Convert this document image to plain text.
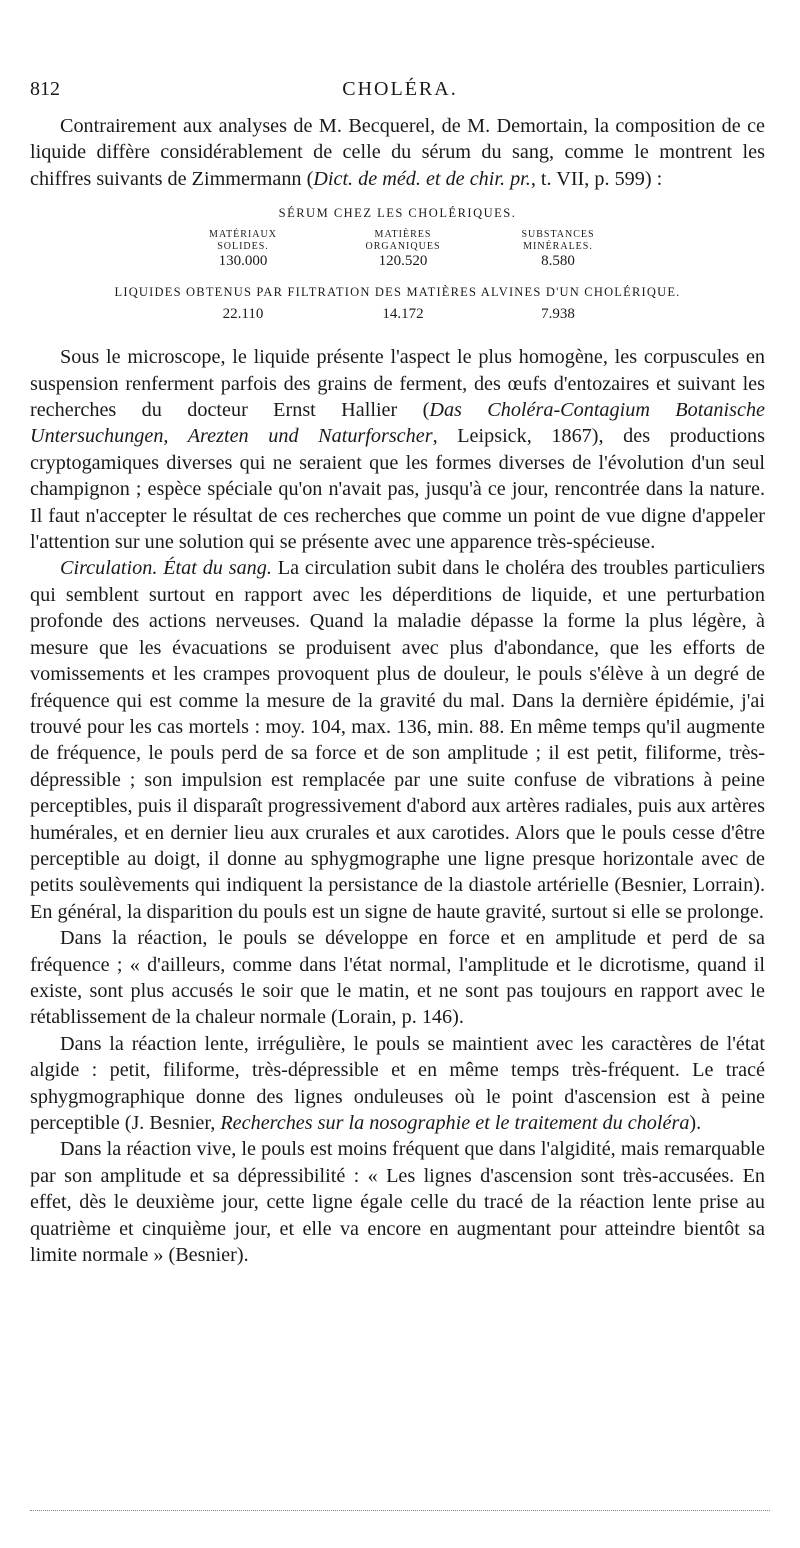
812	CHOLÉRA.

Contrairement aux analyses de M. Becquerel, de M. Demortain, la composition de ce liquide diffère considérablement de celle du sérum du sang, comme le montrent les chiffres suivants de Zimmermann (Dict. de méd. et de chir. pr., t. VII, p. 599) :

SÉRUM CHEZ LES CHOLÉRIQUES.
MATÉRIAUX	MATIÈRES	SUBSTANCES
SOLIDES.	ORGANIQUES	MINÉRALES.
130.000	120.520	8.580
LIQUIDES OBTENUS PAR FILTRATION DES MATIÈRES ALVINES D'UN CHOLÉRIQUE.
22.110	14.172	7.938

Sous le microscope, le liquide présente l'aspect le plus homogène, les corpuscules en suspension renferment parfois des grains de ferment, des œufs d'entozaires et suivant les recherches du docteur Ernst Hallier (Das Choléra-Contagium Botanische Untersuchungen, Arezten und Naturforscher, Leipsick, 1867), des productions cryptogamiques diverses qui ne seraient que les formes diverses de l'évolution d'un seul champignon ; espèce spéciale qu'on n'avait pas, jusqu'à ce jour, rencontrée dans la nature. Il faut n'accepter le résultat de ces recherches que comme un point de vue digne d'appeler l'attention sur une solution qui se présente avec une apparence très-spécieuse.

Circulation. État du sang. La circulation subit dans le choléra des troubles particuliers qui semblent surtout en rapport avec les déperditions de liquide, et une perturbation profonde des actions nerveuses. Quand la maladie dépasse la forme la plus légère, à mesure que les évacuations se produisent avec plus d'abondance, que les efforts de vomissements et les crampes provoquent plus de douleur, le pouls s'élève à un degré de fréquence qui est comme la mesure de la gravité du mal. Dans la dernière épidémie, j'ai trouvé pour les cas mortels : moy. 104, max. 136, min. 88. En même temps qu'il augmente de fréquence, le pouls perd de sa force et de son amplitude ; il est petit, filiforme, très-dépressible ; son impulsion est remplacée par une suite confuse de vibrations à peine perceptibles, puis il disparaît progressivement d'abord aux artères radiales, puis aux artères humérales, et en dernier lieu aux crurales et aux carotides. Alors que le pouls cesse d'être perceptible au doigt, il donne au sphygmographe une ligne presque horizontale avec de petits soulèvements qui indiquent la persistance de la diastole artérielle (Besnier, Lorrain). En général, la disparition du pouls est un signe de haute gravité, surtout si elle se prolonge.

Dans la réaction, le pouls se développe en force et en amplitude et perd de sa fréquence ; « d'ailleurs, comme dans l'état normal, l'amplitude et le dicrotisme, quand il existe, sont plus accusés le soir que le matin, et ne sont pas toujours en rapport avec le rétablissement de la chaleur normale (Lorain, p. 146).

Dans la réaction lente, irrégulière, le pouls se maintient avec les caractères de l'état algide : petit, filiforme, très-dépressible et en même temps très-fréquent. Le tracé sphygmographique donne des lignes onduleuses où le point d'ascension est à peine perceptible (J. Besnier, Recherches sur la nosographie et le traitement du choléra).

Dans la réaction vive, le pouls est moins fréquent que dans l'algidité, mais remarquable par son amplitude et sa dépressibilité : « Les lignes d'ascension sont très-accusées. En effet, dès le deuxième jour, cette ligne égale celle du tracé de la réaction lente prise au quatrième et cinquième jour, et elle va encore en augmentant pour atteindre bientôt sa limite normale » (Besnier).
